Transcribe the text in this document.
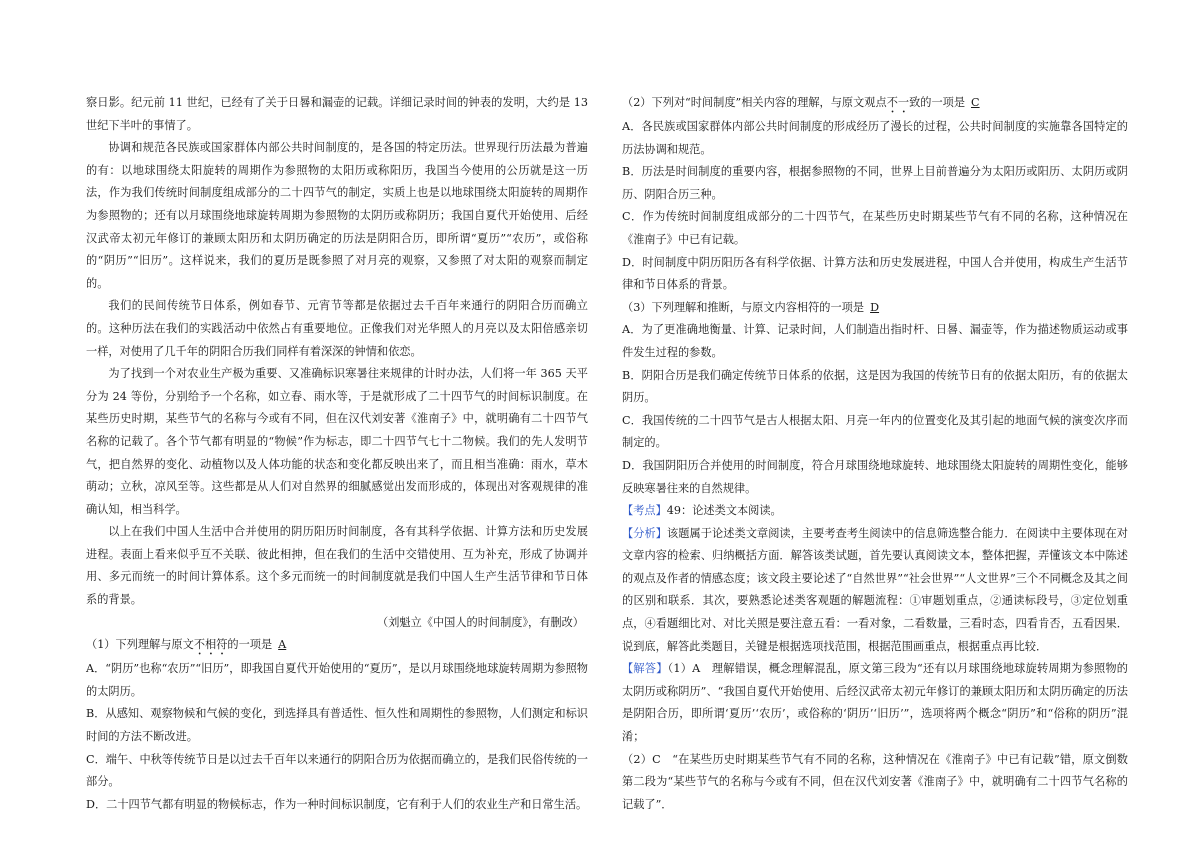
察日影。纪元前 11 世纪，已经有了关于日晷和漏壶的记载。详细记录时间的钟表的发明，大约是 13 世纪下半叶的事情了。

协调和规范各民族或国家群体内部公共时间制度的，是各国的特定历法。世界现行历法最为普遍的有：以地球围绕太阳旋转的周期作为参照物的太阳历或称阳历，我国当今使用的公历就是这一历法，作为我们传统时间制度组成部分的二十四节气的制定，实质上也是以地球围绕太阳旋转的周期作为参照物的；还有以月球围绕地球旋转周期为参照物的太阴历或称阴历；我国自夏代开始使用、后经汉武帝太初元年修订的兼顾太阳历和太阴历确定的历法是阴阳合历，即所谓“夏历”“农历”，或俗称的“阴历”“旧历”。这样说来，我们的夏历是既参照了对月亮的观察，又参照了对太阳的观察而制定的。

我们的民间传统节日体系，例如春节、元宵节等都是依据过去千百年来通行的阴阳合历而确立的。这种历法在我们的实践活动中依然占有重要地位。正像我们对光华照人的月亮以及太阳倍感亲切一样，对使用了几千年的阴阳合历我们同样有着深深的钟情和依恋。

为了找到一个对农业生产极为重要、又准确标识寒暑往来规律的计时办法，人们将一年 365 天平分为 24 等份，分别给予一个名称，如立春、雨水等，于是就形成了二十四节气的时间标识制度。在某些历史时期，某些节气的名称与今或有不同，但在汉代刘安著《淮南子》中，就明确有二十四节气名称的记载了。各个节气都有明显的“物候”作为标志，即二十四节气七十二物候。我们的先人发明节气，把自然界的变化、动植物以及人体功能的状态和变化都反映出来了，而且相当准确：雨水，草木萌动；立秋，凉风至等。这些都是从人们对自然界的细腻感觉出发而形成的，体现出对客观规律的准确认知，相当科学。

以上在我们中国人生活中合并使用的阴历阳历时间制度，各有其科学依据、计算方法和历史发展进程。表面上看来似乎互不关联、彼此相抻，但在我们的生活中交错使用、互为补充，形成了协调并用、多元而统一的时间计算体系。这个多元而统一的时间制度就是我们中国人生产生活节律和节日体系的背景。

（刘魁立《中国人的时间制度》，有删改）

（1）下列理解与原文不相符的一项是 A

A．“阴历”也称“农历”“旧历”，即我国自夏代开始使用的“夏历”，是以月球围绕地球旋转周期为参照物的太阴历。

B．从感知、观察物候和气候的变化，到选择具有普适性、恒久性和周期性的参照物，人们测定和标识时间的方法不断改进。

C．端午、中秋等传统节日是以过去千百年以来通行的阴阳合历为依据而确立的，是我们民俗传统的一部分。

D．二十四节气都有明显的物候标志，作为一种时间标识制度，它有利于人们的农业生产和日常生活。

（2）下列对“时间制度”相关内容的理解，与原文观点不一致的一项是 C

A．各民族或国家群体内部公共时间制度的形成经历了漫长的过程，公共时间制度的实施靠各国特定的历法协调和规范。

B．历法是时间制度的重要内容，根据参照物的不同，世界上目前普遍分为太阳历或阳历、太阴历或阴历、阴阳合历三种。

C．作为传统时间制度组成部分的二十四节气，在某些历史时期某些节气有不同的名称，这种情况在《淮南子》中已有记载。

D．时间制度中阴历阳历各有科学依据、计算方法和历史发展进程，中国人合并使用，构成生产生活节律和节日体系的背景。

（3）下列理解和推断，与原文内容相符的一项是 D

A．为了更准确地衡量、计算、记录时间，人们制造出指时杆、日晷、漏壶等，作为描述物质运动或事件发生过程的参数。

B．阴阳合历是我们确定传统节日体系的依据，这是因为我国的传统节日有的依据太阳历，有的依据太阴历。

C．我国传统的二十四节气是古人根据太阳、月亮一年内的位置变化及其引起的地面气候的演变次序而制定的。

D．我国阴阳历合并使用的时间制度，符合月球围绕地球旋转、地球围绕太阳旋转的周期性变化，能够反映寒暑往来的自然规律。

【考点】49：论述类文本阅读。

【分析】该题属于论述类文章阅读，主要考查考生阅读中的信息筛选整合能力．在阅读中主要体现在对文章内容的检索、归纳概括方面．解答该类试题，首先要认真阅读文本，整体把握，弄懂该文本中陈述的观点及作者的情感态度；该文段主要论述了“自然世界”“社会世界”“人文世界”三个不同概念及其之间的区别和联系．其次，要熟悉论述类客观题的解题流程：①审题划重点，②通读标段号，③定位划重点，④看题细比对、对比关照是要注意五看：一看对象，二看数量，三看时态，四看肯否，五看因果．说到底，解答此类题目，关键是根据选项找范围，根据范围画重点，根据重点再比较．

【解答】（1）A　理解错误，概念理解混乱，原文第三段为“还有以月球围绕地球旋转周期为参照物的太阴历或称阴历”、“我国自夏代开始使用、后经汉武帝太初元年修订的兼顾太阳历和太阴历确定的历法是阴阳合历，即所谓‘夏历’‘农历’，或俗称的‘阴历’‘旧历’”，选项将两个概念“阴历”和“俗称的阴历”混淆；

（2）C　“在某些历史时期某些节气有不同的名称，这种情况在《淮南子》中已有记载”错，原文倒数第二段为“某些节气的名称与今或有不同，但在汉代刘安著《淮南子》中，就明确有二十四节气名称的记载了”．
